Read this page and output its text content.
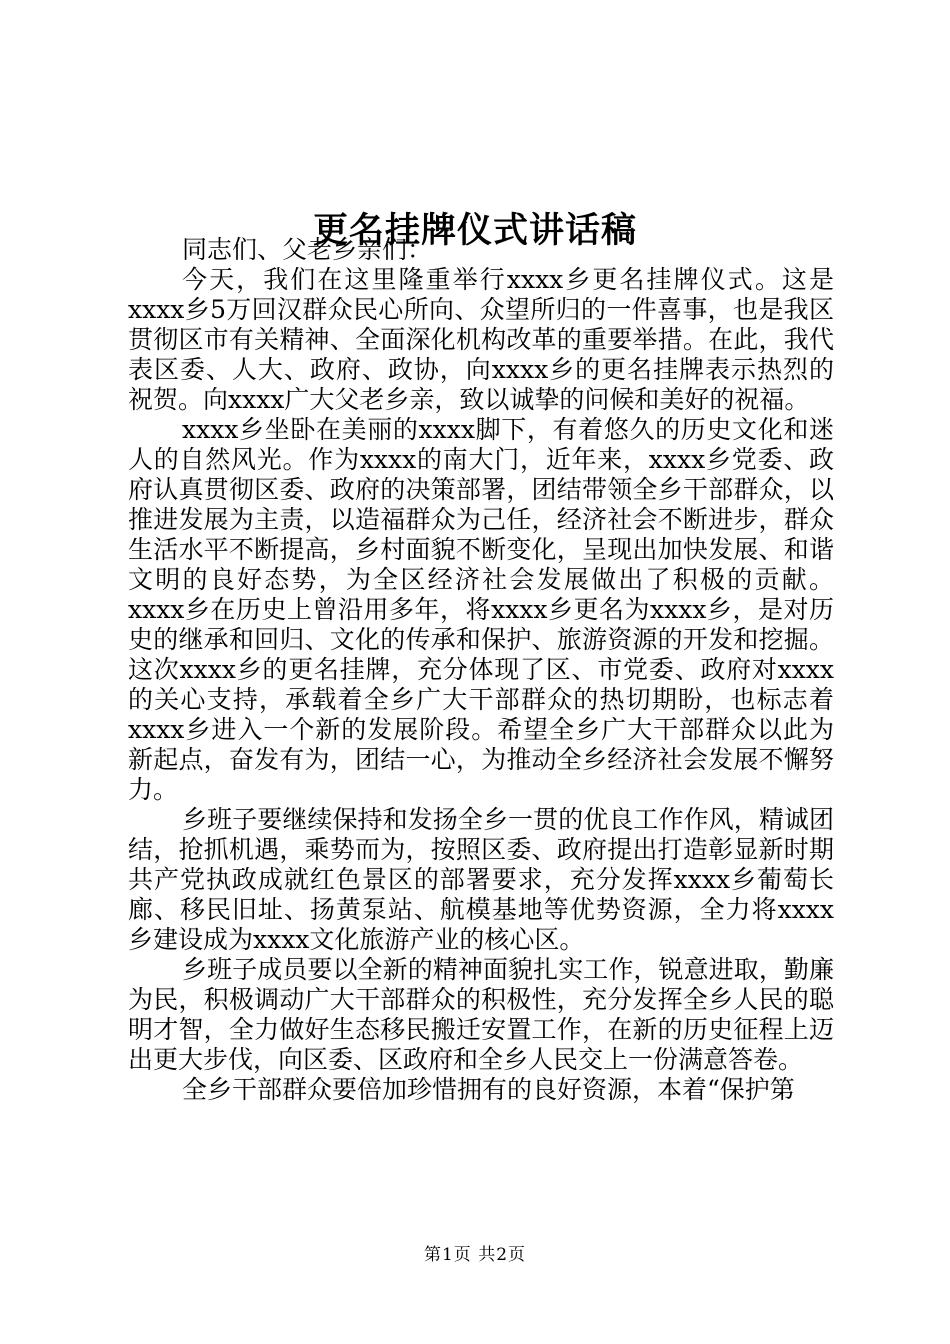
更名挂牌仪式讲话稿

同志们、父老乡亲们：

今天，我们在这里隆重举行xxxx乡更名挂牌仪式。这是xxxx乡5万回汉群众民心所向、众望所归的一件喜事，也是我区贯彻区市有关精神、全面深化机构改革的重要举措。在此，我代表区委、人大、政府、政协，向xxxx乡的更名挂牌表示热烈的祝贺。向xxxx广大父老乡亲，致以诚挚的问候和美好的祝福。

xxxx乡坐卧在美丽的xxxx脚下，有着悠久的历史文化和迷人的自然风光。作为xxxx的南大门，近年来，xxxx乡党委、政府认真贯彻区委、政府的决策部署，团结带领全乡干部群众，以推进发展为主责，以造福群众为己任，经济社会不断进步，群众生活水平不断提高，乡村面貌不断变化，呈现出加快发展、和谐文明的良好态势，为全区经济社会发展做出了积极的贡献。xxxx乡在历史上曾沿用多年，将xxxx乡更名为xxxx乡，是对历史的继承和回归、文化的传承和保护、旅游资源的开发和挖掘。这次xxxx乡的更名挂牌，充分体现了区、市党委、政府对xxxx的关心支持，承载着全乡广大干部群众的热切期盼，也标志着xxxx乡进入一个新的发展阶段。希望全乡广大干部群众以此为新起点，奋发有为，团结一心，为推动全乡经济社会发展不懈努力。

乡班子要继续保持和发扬全乡一贯的优良工作作风，精诚团结，抢抓机遇，乘势而为，按照区委、政府提出打造彰显新时期共产党执政成就红色景区的部署要求，充分发挥xxxx乡葡萄长廊、移民旧址、扬黄泵站、航模基地等优势资源，全力将xxxx乡建设成为xxxx文化旅游产业的核心区。

乡班子成员要以全新的精神面貌扎实工作，锐意进取，勤廉为民，积极调动广大干部群众的积极性，充分发挥全乡人民的聪明才智，全力做好生态移民搬迁安置工作，在新的历史征程上迈出更大步伐，向区委、区政府和全乡人民交上一份满意答卷。

全乡干部群众要倍加珍惜拥有的良好资源，本着“保护第

第1页 共2页
